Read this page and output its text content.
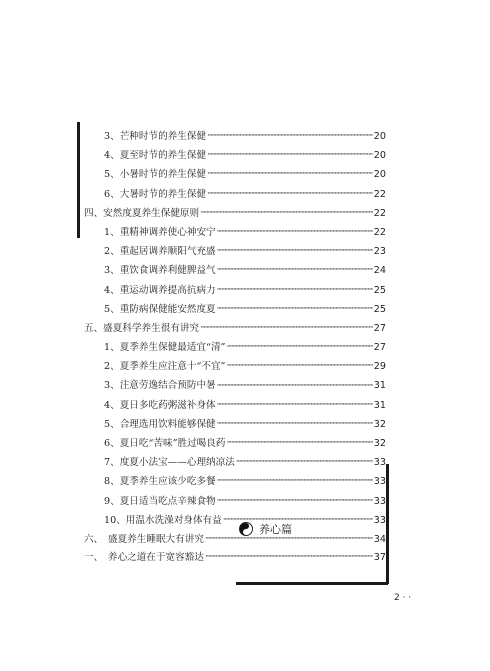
3、芒种时节的养生保健 ·····	20
4、夏至时节的养生保健 ·····	20
5、小暑时节的养生保健 ·····	20
6、大暑时节的养生保健 ·····	22
四、安然度夏养生保健原则 ·····	22
1、重精神调养使心神安宁 ·····	22
2、重起居调养顺阳气充盛 ·····	23
3、重饮食调养利健脾益气 ·····	24
4、重运动调养提高抗病力 ·····	25
5、重防病保健能安然度夏 ·····	25
五、盛夏科学养生很有讲究 ·····	27
1、夏季养生保健最适宜“清” ·····	27
2、夏季养生应注意十“不宜” ·····	29
3、注意劳逸结合预防中暑 ·····	31
4、夏日多吃药粥滋补身体 ·····	31
5、合理选用饮料能够保健 ·····	32
6、夏日吃“苦味”胜过喝良药 ·····	32
7、度夏小法宝——心理纳凉法 ·····	33
8、夏季养生应该少吃多餐 ·····	33
9、夏日适当吃点辛辣食物 ·····	33
10、用温水洗澡对身体有益 ·····	33
六、　盛夏养生睡眠大有讲究 ·····	34
养心篇
一、　养心之道在于宽容豁达 ·····	37
2 · ·
